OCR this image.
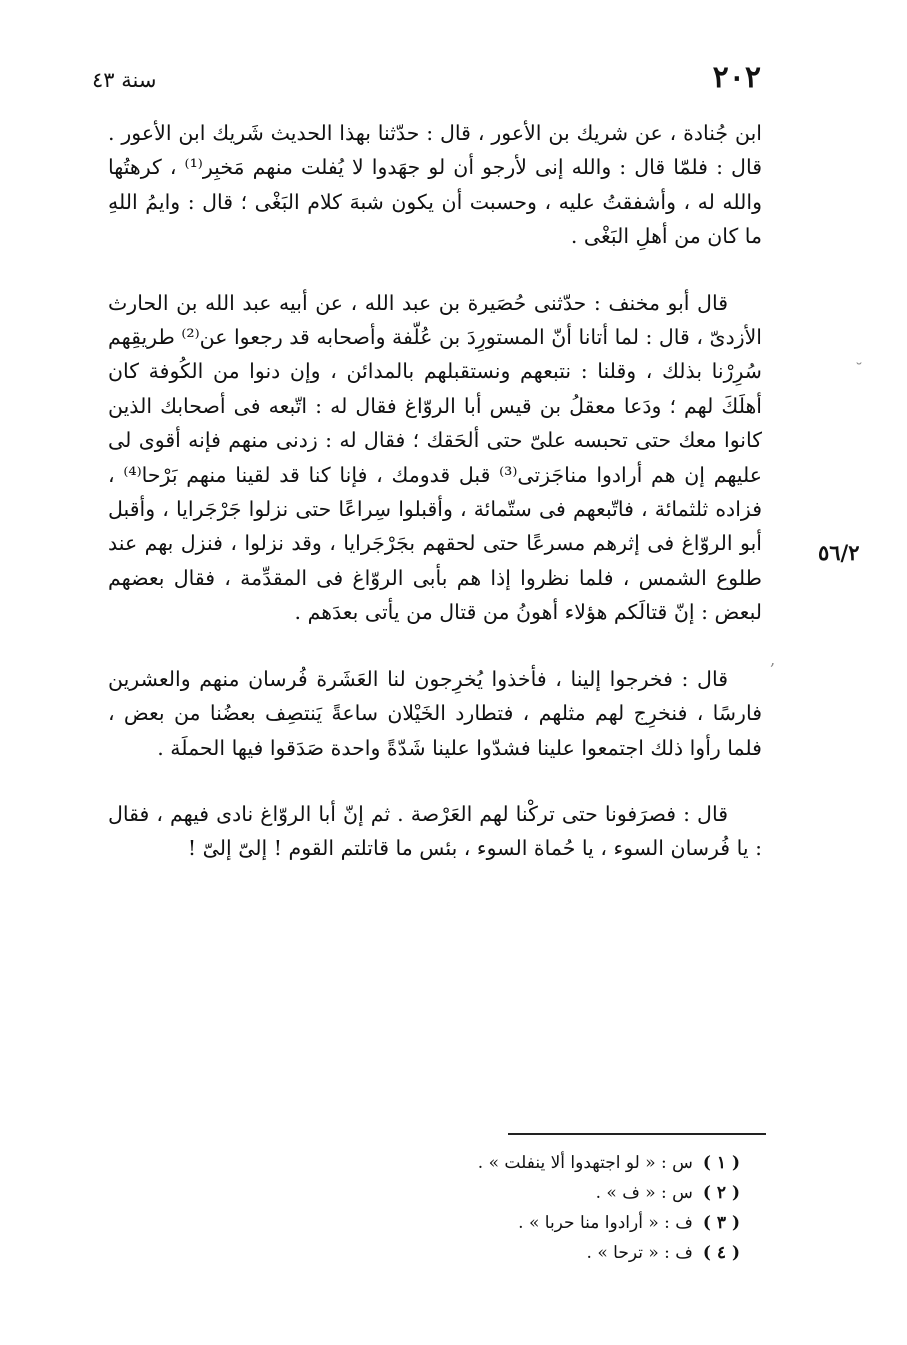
٢٠٢
سنة ٤٣
٥٦/٢

ابن جُنادة ، عن شريك بن الأعور ، قال : حدّثنا بهذا الحديث شَريك ابن الأعور . قال : فلمّا قال : والله إنى لأرجو أن لو جهَدوا لا يُفلت منهم مَخبِر⁽¹⁾ ، كرهتُها والله له ، وأشفقتُ عليه ، وحسبت أن يكون شبهَ كلام البَغْى ؛ قال : وايمُ اللهِ ما كان من أهلِ البَغْى .

قال أبو مخنف : حدّثنى حُصَيرة بن عبد الله ، عن أبيه عبد الله بن الحارث الأزدىّ ، قال : لما أتانا أنّ المستورِدَ بن عُلّفة وأصحابه قد رجعوا عن⁽²⁾ طريقِهم سُرِرْنا بذلك ، وقلنا : نتبعهم ونستقبلهم بالمدائن ، وإن دنوا من الكُوفة كان أهلَكَ لهم ؛ ودَعا معقلُ بن قيس أبا الروّاغ فقال له : اتّبعه فى أصحابك الذين كانوا معك حتى تحبسه علىّ حتى ألحَقك ؛ فقال له : زدنى منهم فإنه أقوى لى عليهم إن هم أرادوا مناجَزتى⁽³⁾ قبل قدومك ، فإنا كنا قد لقينا منهم بَرْحا⁽⁴⁾ ، فزاده ثلثمائة ، فاتّبعهم فى ستّمائة ، وأقبلوا سِراعًا حتى نزلوا جَرْجَرايا ، وأقبل أبو الروّاغ فى إثرهم مسرعًا حتى لحقهم بجَرْجَرايا ، وقد نزلوا ، فنزل بهم عند طلوع الشمس ، فلما نظروا إذا هم بأبى الروّاغ فى المقدِّمة ، فقال بعضهم لبعض : إنّ قتالَكم هؤلاء أهونُ من قتال من يأتى بعدَهم .

قال : فخرجوا إلينا ، فأخذوا يُخرِجون لنا العَشَرة فُرسان منهم والعشرين فارسًا ، فنخرِج لهم مثلهم ، فتطارد الخَيْلان ساعةً يَنتصِف بعضُنا من بعض ، فلما رأوا ذلك اجتمعوا علينا فشدّوا علينا شَدّةً واحدة صَدَقوا فيها الحملَة .

قال : فصرَفونا حتى تركْنا لهم العَرْصة . ثم إنّ أبا الروّاغ نادى فيهم ، فقال : يا فُرسان السوء ، يا حُماة السوء ، بئس ما قاتلتم القوم ! إلىّ إلىّ !

( ١ )س : « لو اجتهدوا ألا ينفلت » .

( ٢ )س : « ف » .

( ٣ )ف : « أرادوا منا حربا » .

( ٤ )ف : « ترحا » .

˘
‚
